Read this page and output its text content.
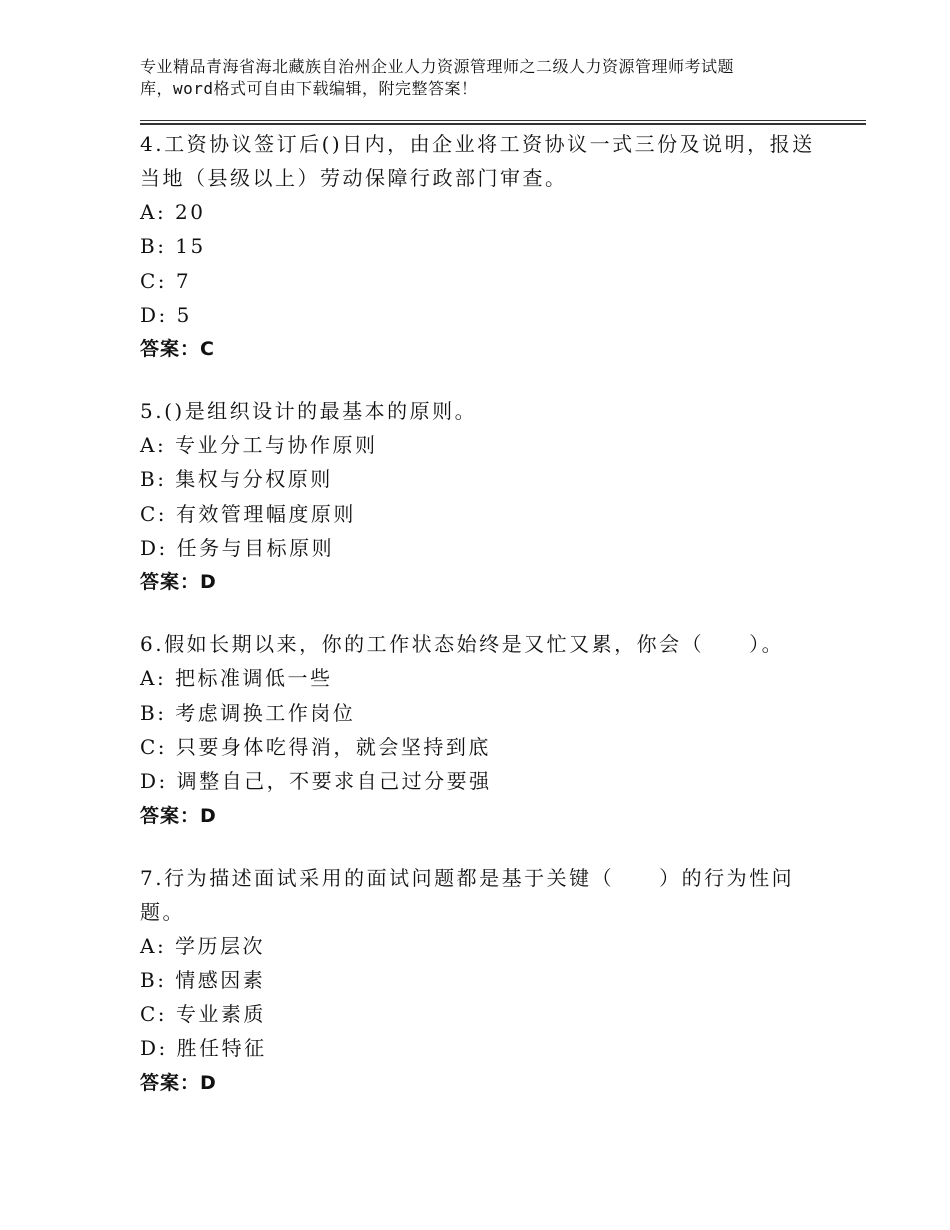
专业精品青海省海北藏族自治州企业人力资源管理师之二级人力资源管理师考试题
库，word格式可自由下载编辑，附完整答案！
4.工资协议签订后()日内，由企业将工资协议一式三份及说明，报送
当地（县级以上）劳动保障行政部门审查。
A: 20
B: 15
C: 7
D: 5
答案：C
5.()是组织设计的最基本的原则。
A: 专业分工与协作原则
B: 集权与分权原则
C: 有效管理幅度原则
D: 任务与目标原则
答案：D
6.假如长期以来，你的工作状态始终是又忙又累，你会（　　）。
A: 把标准调低一些
B: 考虑调换工作岗位
C: 只要身体吃得消，就会坚持到底
D: 调整自己，不要求自己过分要强
答案：D
7.行为描述面试采用的面试问题都是基于关键（　　）的行为性问
题。
A: 学历层次
B: 情感因素
C: 专业素质
D: 胜任特征
答案：D
